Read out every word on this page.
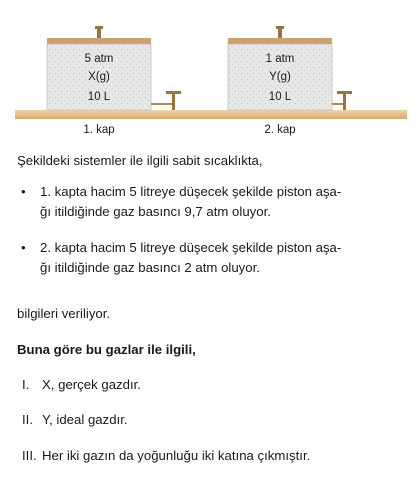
5 atm
X(g)
10 L
1. kap
1 atm
Y(g)
10 L
2. kap
Şekildeki sistemler ile ilgili sabit sıcaklıkta,
• 1. kapta hacim 5 litreye düşecek şekilde piston aşa-
ğı itildiğinde gaz basıncı 9,7 atm oluyor.
• 2. kapta hacim 5 litreye düşecek şekilde piston aşa-
ğı itildiğinde gaz basıncı 2 atm oluyor.
bilgileri veriliyor.
Buna göre bu gazlar ile ilgili,
I. X, gerçek gazdır.
II. Y, ideal gazdır.
III. Her iki gazın da yoğunluğu iki katına çıkmıştır.
